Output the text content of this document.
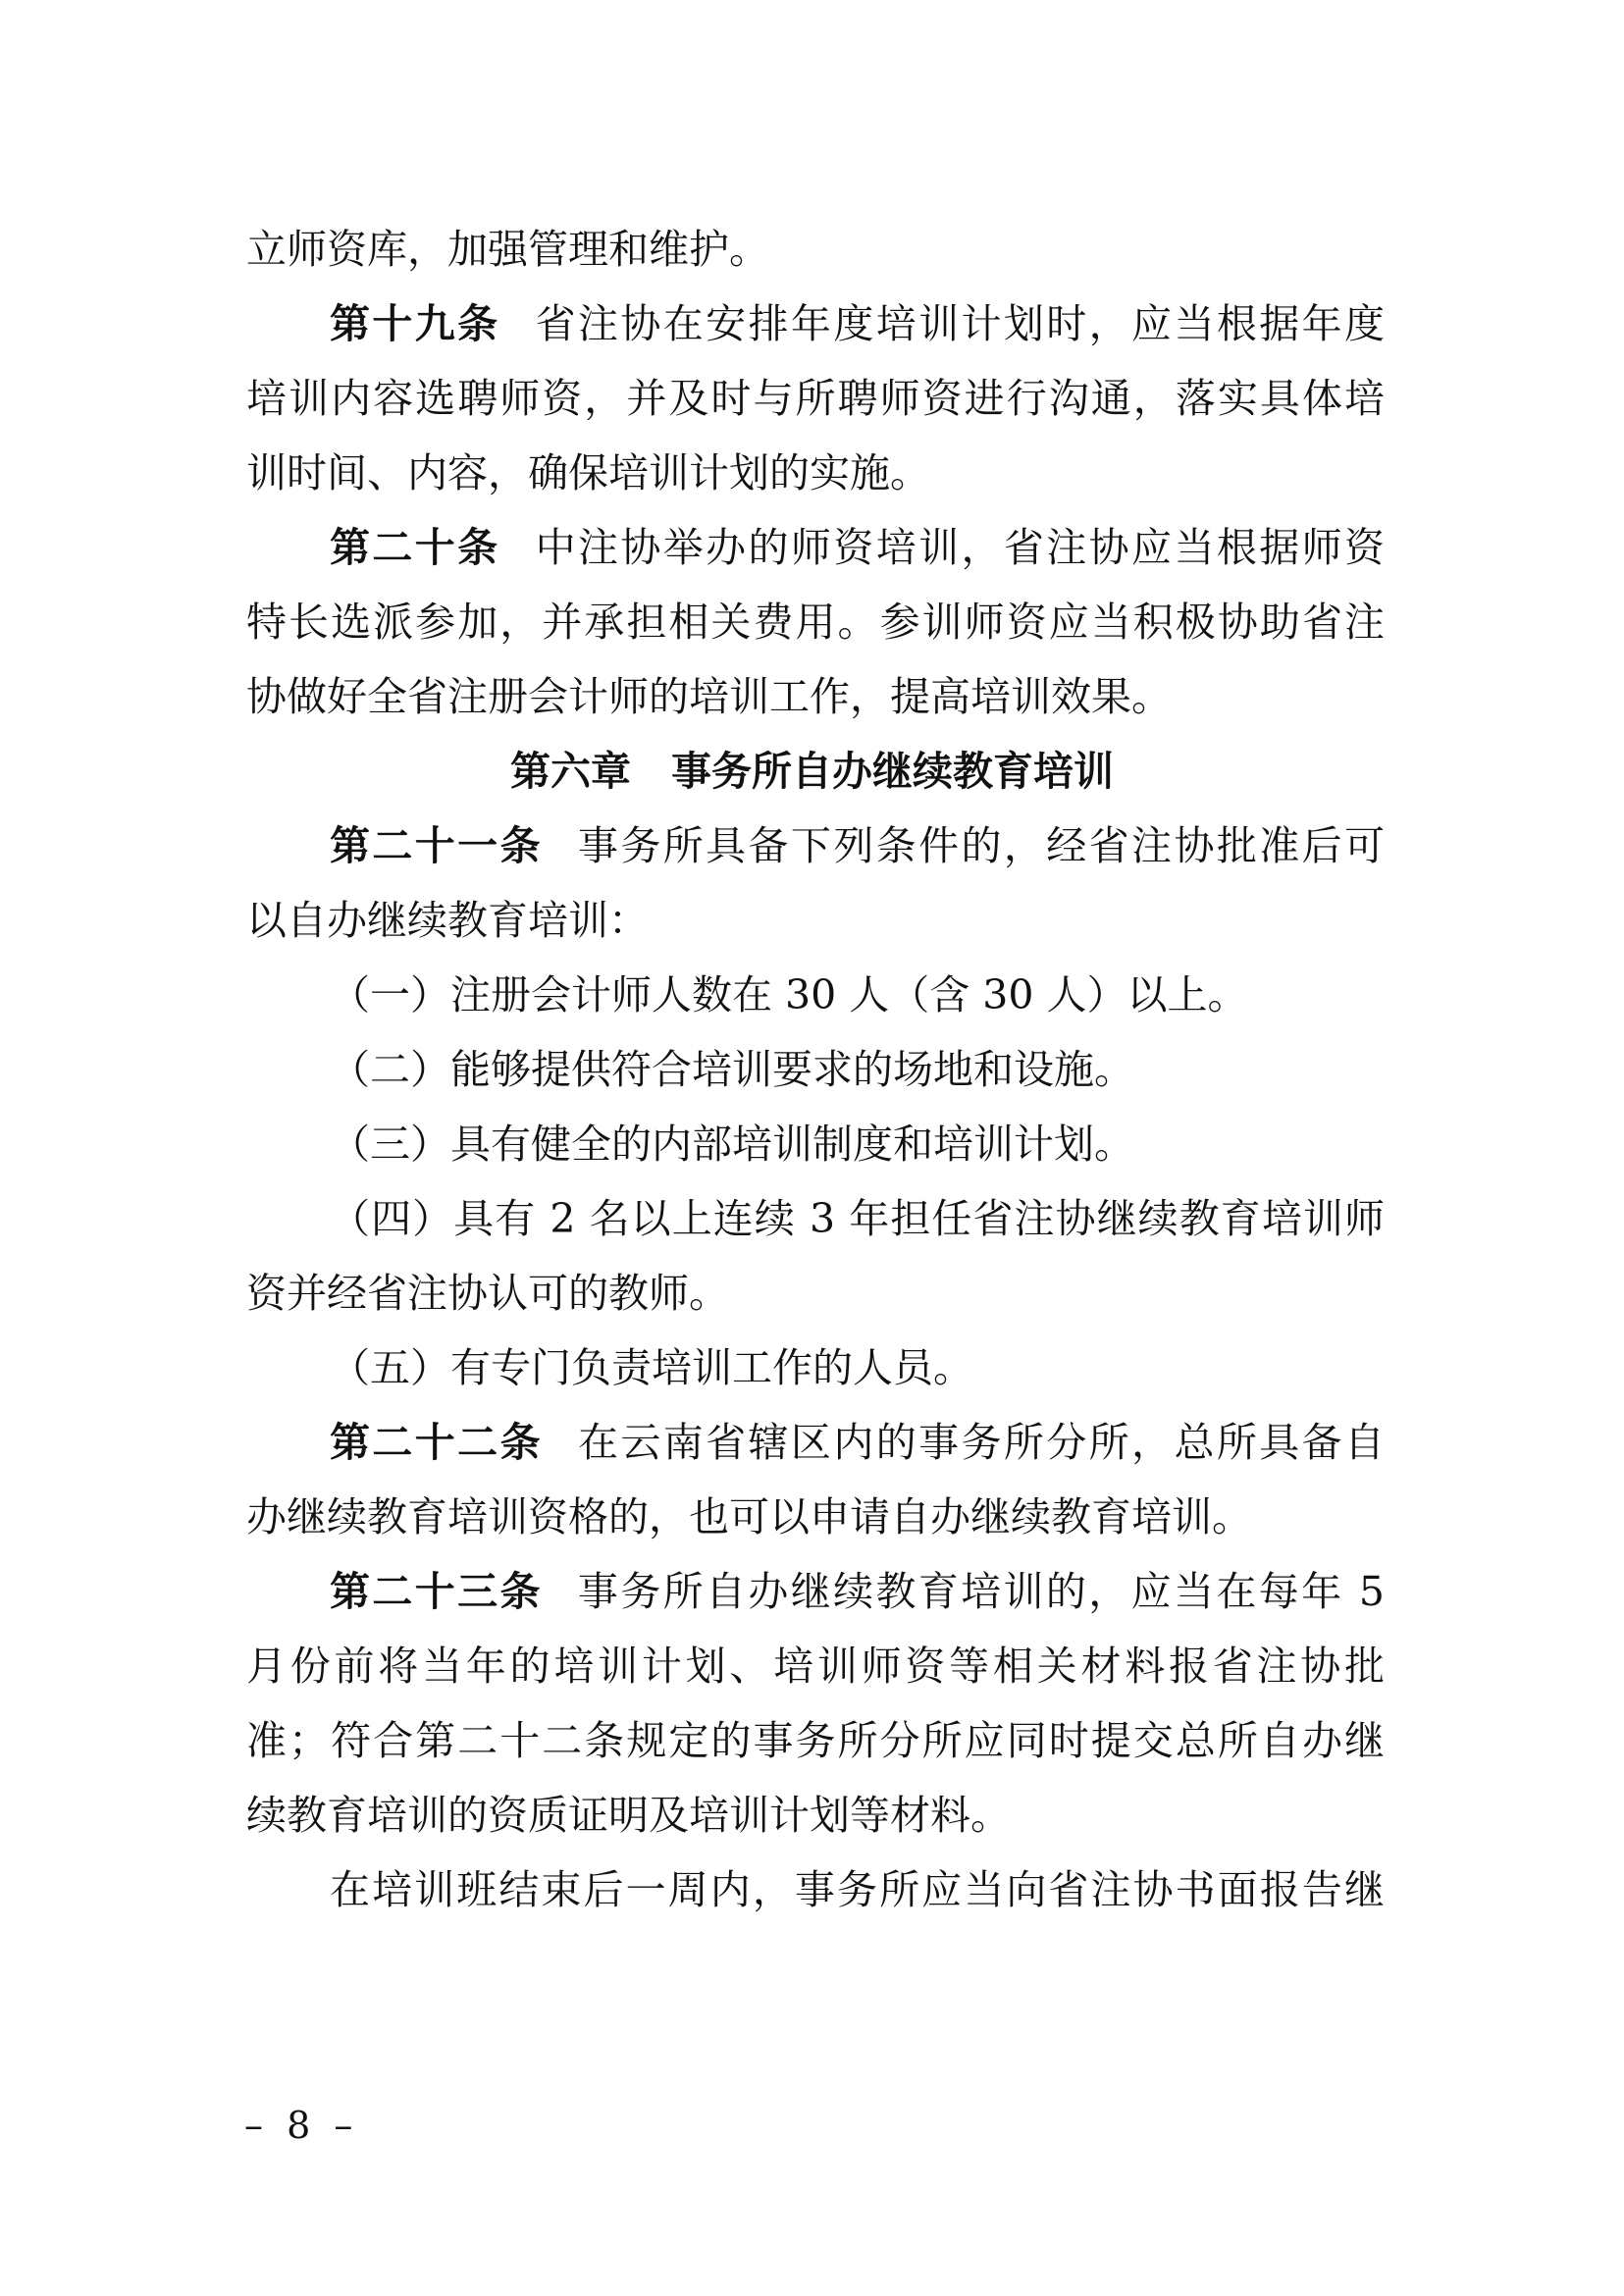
立师资库，加强管理和维护。
第十九条 省注协在安排年度培训计划时，应当根据年度
培训内容选聘师资，并及时与所聘师资进行沟通，落实具体培
训时间、内容，确保培训计划的实施。
第二十条 中注协举办的师资培训，省注协应当根据师资
特长选派参加，并承担相关费用。参训师资应当积极协助省注
协做好全省注册会计师的培训工作，提高培训效果。
第六章　事务所自办继续教育培训
第二十一条 事务所具备下列条件的，经省注协批准后可
以自办继续教育培训：
（一）注册会计师人数在 30 人（含 30 人）以上。
（二）能够提供符合培训要求的场地和设施。
（三）具有健全的内部培训制度和培训计划。
（四）具有 2 名以上连续 3 年担任省注协继续教育培训师
资并经省注协认可的教师。
（五）有专门负责培训工作的人员。
第二十二条 在云南省辖区内的事务所分所，总所具备自
办继续教育培训资格的，也可以申请自办继续教育培训。
第二十三条 事务所自办继续教育培训的，应当在每年 5
月份前将当年的培训计划、培训师资等相关材料报省注协批
准；符合第二十二条规定的事务所分所应同时提交总所自办继
续教育培训的资质证明及培训计划等材料。
在培训班结束后一周内，事务所应当向省注协书面报告继
– 8 –
